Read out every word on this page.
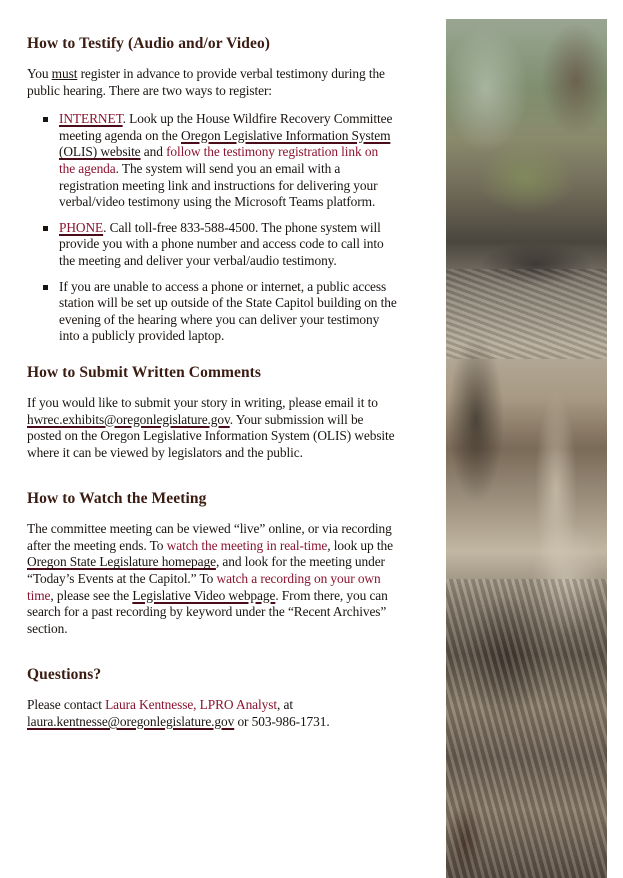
How to Testify (Audio and/or Video)

You must register in advance to provide verbal testimony during the public hearing. There are two ways to register:

INTERNET. Look up the House Wildfire Recovery Committee meeting agenda on the Oregon Legislative Information System (OLIS) website and follow the testimony registration link on the agenda. The system will send you an email with a registration meeting link and instructions for delivering your verbal/video testimony using the Microsoft Teams platform.
PHONE. Call toll-free 833-588-4500. The phone system will provide you with a phone number and access code to call into the meeting and deliver your verbal/audio testimony.
If you are unable to access a phone or internet, a public access station will be set up outside of the State Capitol building on the evening of the hearing where you can deliver your testimony into a publicly provided laptop.
How to Submit Written Comments

If you would like to submit your story in writing, please email it to hwrec.exhibits@oregonlegislature.gov. Your submission will be posted on the Oregon Legislative Information System (OLIS) website where it can be viewed by legislators and the public.

How to Watch the Meeting

The committee meeting can be viewed “live” online, or via recording after the meeting ends. To watch the meeting in real-time, look up the Oregon State Legislature homepage, and look for the meeting under “Today’s Events at the Capitol.” To watch a recording on your own time, please see the Legislative Video webpage. From there, you can search for a past recording by keyword under the “Recent Archives” section.

Questions?

Please contact Laura Kentnesse, LPRO Analyst, at laura.kentnesse@oregonlegislature.gov or 503-986-1731.
